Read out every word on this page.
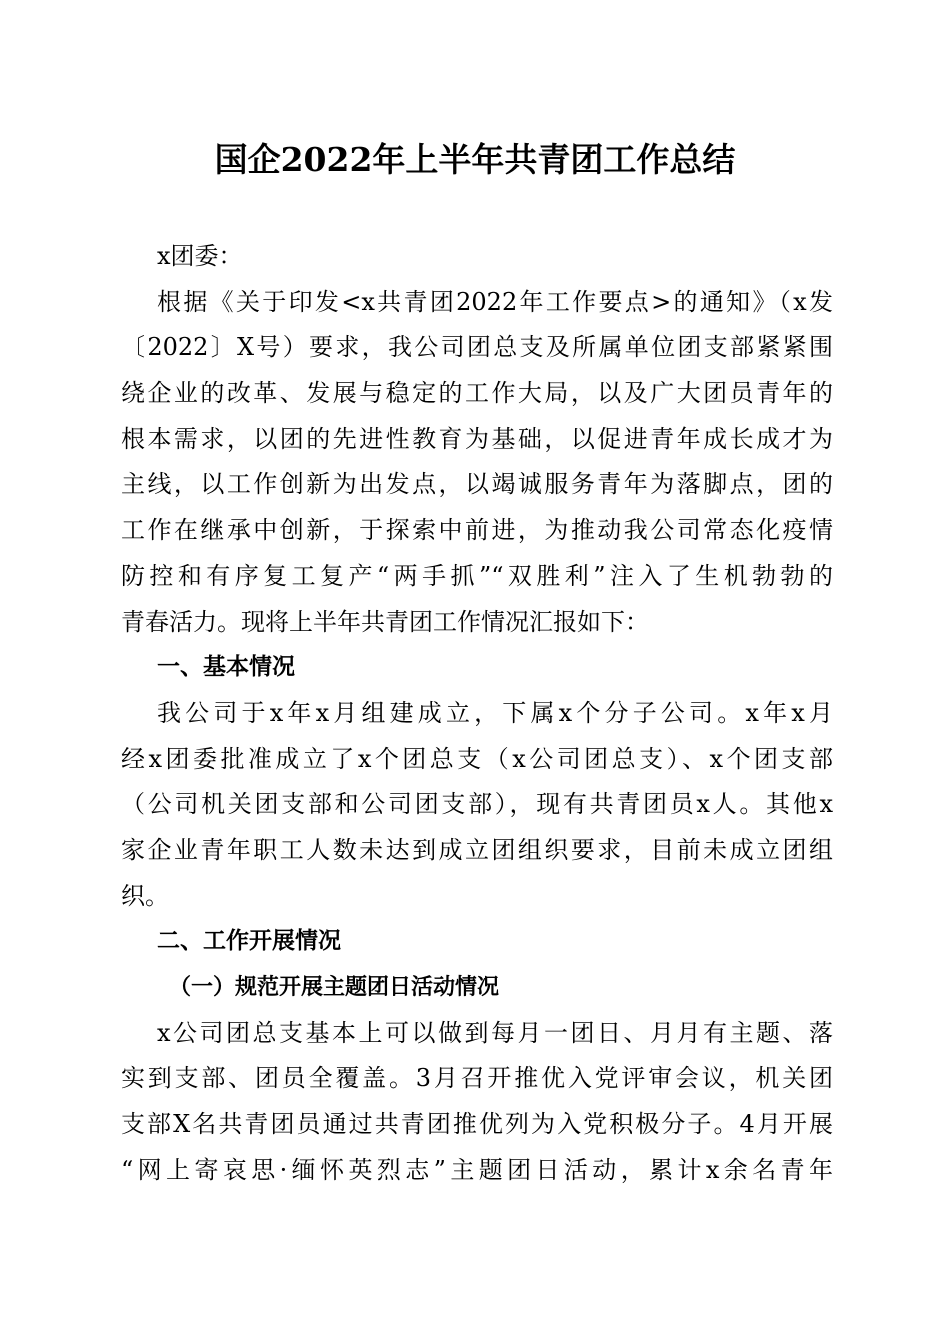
国企2022年上半年共青团工作总结
x团委：
根据《关于印发<x共青团2022年工作要点>的通知》（x发
〔2022〕X号）要求，我公司团总支及所属单位团支部紧紧围
绕企业的改革、发展与稳定的工作大局，以及广大团员青年的
根本需求，以团的先进性教育为基础，以促进青年成长成才为
主线，以工作创新为出发点，以竭诚服务青年为落脚点，团的
工作在继承中创新，于探索中前进，为推动我公司常态化疫情
防控和有序复工复产“两手抓”“双胜利”注入了生机勃勃的
青春活力。现将上半年共青团工作情况汇报如下：
一、基本情况
我公司于x年x月组建成立，下属x个分子公司。x年x月
经x团委批准成立了x个团总支（x公司团总支）、x个团支部
（公司机关团支部和公司团支部），现有共青团员x人。其他x
家企业青年职工人数未达到成立团组织要求，目前未成立团组
织。
二、工作开展情况
（一）规范开展主题团日活动情况
x公司团总支基本上可以做到每月一团日、月月有主题、落
实到支部、团员全覆盖。3月召开推优入党评审会议，机关团
支部X名共青团员通过共青团推优列为入党积极分子。4月开展
“网上寄哀思·缅怀英烈志”主题团日活动，累计x余名青年
